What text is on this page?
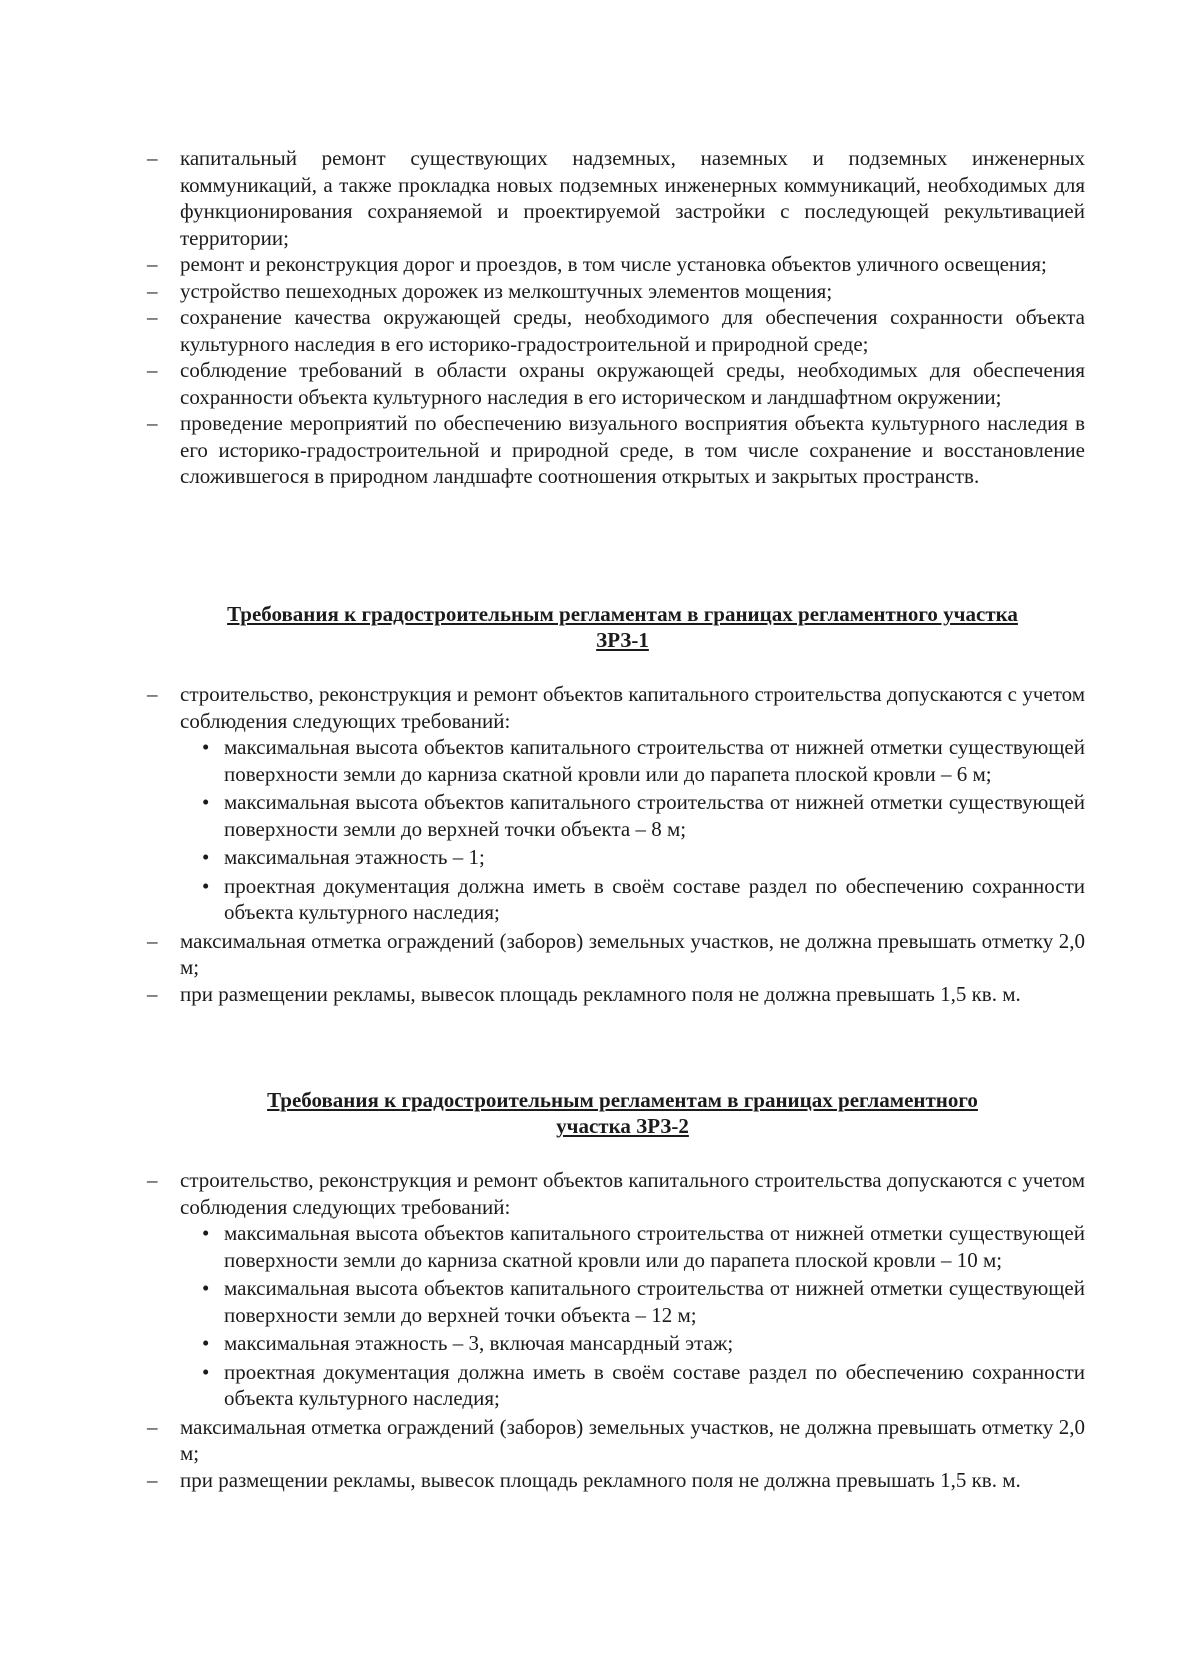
– капитальный ремонт существующих надземных, наземных и подземных инженерных коммуникаций, а также прокладка новых подземных инженерных коммуникаций, необходимых для функционирования сохраняемой и проектируемой застройки с последующей рекультивацией территории;
– ремонт и реконструкция дорог и проездов, в том числе установка объектов уличного освещения;
– устройство пешеходных дорожек из мелкоштучных элементов мощения;
– сохранение качества окружающей среды, необходимого для обеспечения сохранности объекта культурного наследия в его историко-градостроительной и природной среде;
– соблюдение требований в области охраны окружающей среды, необходимых для обеспечения сохранности объекта культурного наследия в его историческом и ландшафтном окружении;
– проведение мероприятий по обеспечению визуального восприятия объекта культурного наследия в его историко-градостроительной и природной среде, в том числе сохранение и восстановление сложившегося в природном ландшафте соотношения открытых и закрытых пространств.
Требования к градостроительным регламентам в границах регламентного участка
ЗРЗ-1
– строительство, реконструкция и ремонт объектов капитального строительства допускаются с учетом соблюдения следующих требований:
• максимальная высота объектов капитального строительства от нижней отметки существующей поверхности земли до карниза скатной кровли или до парапета плоской кровли – 6 м;
• максимальная высота объектов капитального строительства от нижней отметки существующей поверхности земли до верхней точки объекта – 8 м;
• максимальная этажность – 1;
• проектная документация должна иметь в своём составе раздел по обеспечению сохранности объекта культурного наследия;
– максимальная отметка ограждений (заборов) земельных участков, не должна превышать отметку 2,0 м;
– при размещении рекламы, вывесок площадь рекламного поля не должна превышать 1,5 кв. м.
Требования к градостроительным регламентам в границах регламентного
участка ЗРЗ-2
– строительство, реконструкция и ремонт объектов капитального строительства допускаются с учетом соблюдения следующих требований:
• максимальная высота объектов капитального строительства от нижней отметки существующей поверхности земли до карниза скатной кровли или до парапета плоской кровли – 10 м;
• максимальная высота объектов капитального строительства от нижней отметки существующей поверхности земли до верхней точки объекта – 12 м;
• максимальная этажность – 3, включая мансардный этаж;
• проектная документация должна иметь в своём составе раздел по обеспечению сохранности объекта культурного наследия;
– максимальная отметка ограждений (заборов) земельных участков, не должна превышать отметку 2,0 м;
– при размещении рекламы, вывесок площадь рекламного поля не должна превышать 1,5 кв. м.
